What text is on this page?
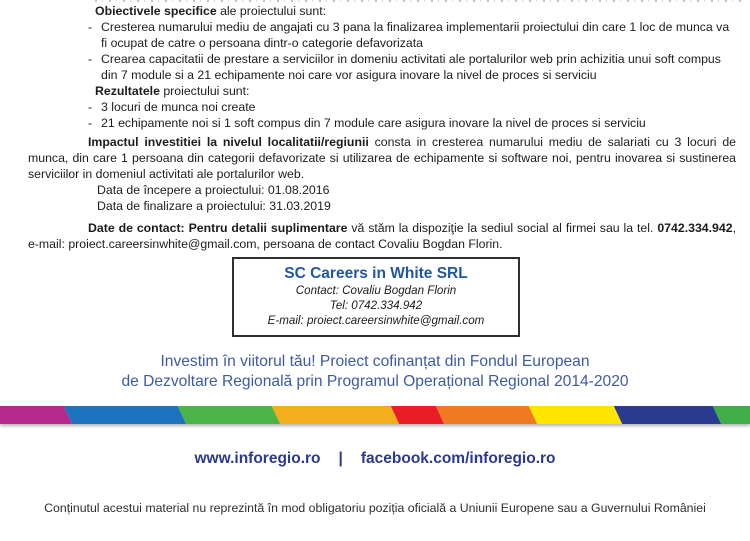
Obiectivele specifice ale proiectului sunt:

- Cresterea numarului mediu de angajati cu 3 pana la finalizarea implementarii proiectului din care 1 loc de munca va fi ocupat de catre o persoana dintr-o categorie defavorizata
- Crearea capacitatii de prestare a serviciilor in domeniu activitati ale portalurilor web prin achizitia unui soft compus din 7 module si a 21 echipamente noi care vor asigura inovare la nivel de proces si serviciu

Rezultatele proiectului sunt:

- 3 locuri de munca noi create
- 21 echipamente noi si 1 soft compus din 7 module care asigura inovare la nivel de proces si serviciu

Impactul investitiei la nivelul localitatii/regiunii consta in cresterea numarului mediu de salariati cu 3 locuri de munca, din care 1 persoana din categorii defavorizate si utilizarea de echipamente si software noi, pentru inovarea si sustinerea serviciilor in domeniul activitati ale portalurilor web.

Data de începere a proiectului: 01.08.2016

Data de finalizare a proiectului: 31.03.2019

Date de contact: Pentru detalii suplimentare vă stăm la dispoziţie la sediul social al firmei sau la tel. 0742.334.942, e-mail: proiect.careersinwhite@gmail.com, persoana de contact Covaliu Bogdan Florin.

SC Careers in White SRL
Contact: Covaliu Bogdan Florin
Tel: 0742.334.942
E-mail: proiect.careersinwhite@gmail.com
Investim în viitorul tău! Proiect cofinanțat din Fondul European
de Dezvoltare Regională prin Programul Operațional Regional 2014-2020
www.inforegio.ro | facebook.com/inforegio.ro
Conținutul acestui material nu reprezintă în mod obligatoriu poziția oficială a Uniunii Europene sau a Guvernului României
